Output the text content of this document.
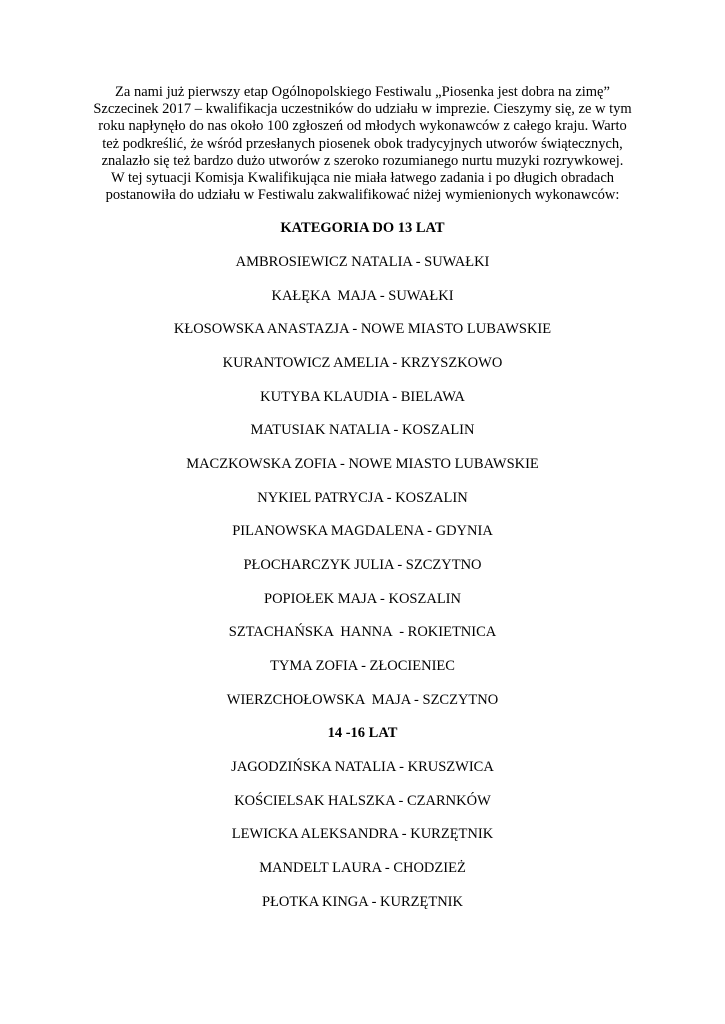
Za nami już pierwszy etap Ogólnopolskiego Festiwalu „Piosenka jest dobra na zimę”
Szczecinek 2017 – kwalifikacja uczestników do udziału w imprezie. Cieszymy się, ze w tym
roku napłynęło do nas około 100 zgłoszeń od młodych wykonawców z całego kraju. Warto
też podkreślić, że wśród przesłanych piosenek obok tradycyjnych utworów świątecznych,
znalazło się też bardzo dużo utworów z szeroko rozumianego nurtu muzyki rozrywkowej.
W tej sytuacji Komisja Kwalifikująca nie miała łatwego zadania i po długich obradach
postanowiła do udziału w Festiwalu zakwalifikować niżej wymienionych wykonawców:
KATEGORIA DO 13 LAT
AMBROSIEWICZ NATALIA - SUWAŁKI
KAŁĘKA  MAJA - SUWAŁKI
KŁOSOWSKA ANASTAZJA - NOWE MIASTO LUBAWSKIE
KURANTOWICZ AMELIA - KRZYSZKOWO
KUTYBA KLAUDIA - BIELAWA
MATUSIAK NATALIA - KOSZALIN
MACZKOWSKA ZOFIA - NOWE MIASTO LUBAWSKIE
NYKIEL PATRYCJA - KOSZALIN
PILANOWSKA MAGDALENA - GDYNIA
PŁOCHARCZYK JULIA - SZCZYTNO
POPIOŁEK MAJA - KOSZALIN
SZTACHAŃSKA  HANNA  - ROKIETNICA
TYMA ZOFIA - ZŁOCIENIEC
WIERZCHOŁOWSKA  MAJA - SZCZYTNO
14 -16 LAT
JAGODZIŃSKA NATALIA - KRUSZWICA
KOŚCIELSAK HALSZKA - CZARNKÓW
LEWICKA ALEKSANDRA - KURZĘTNIK
MANDELT LAURA - CHODZIEŻ
PŁOTKA KINGA - KURZĘTNIK
